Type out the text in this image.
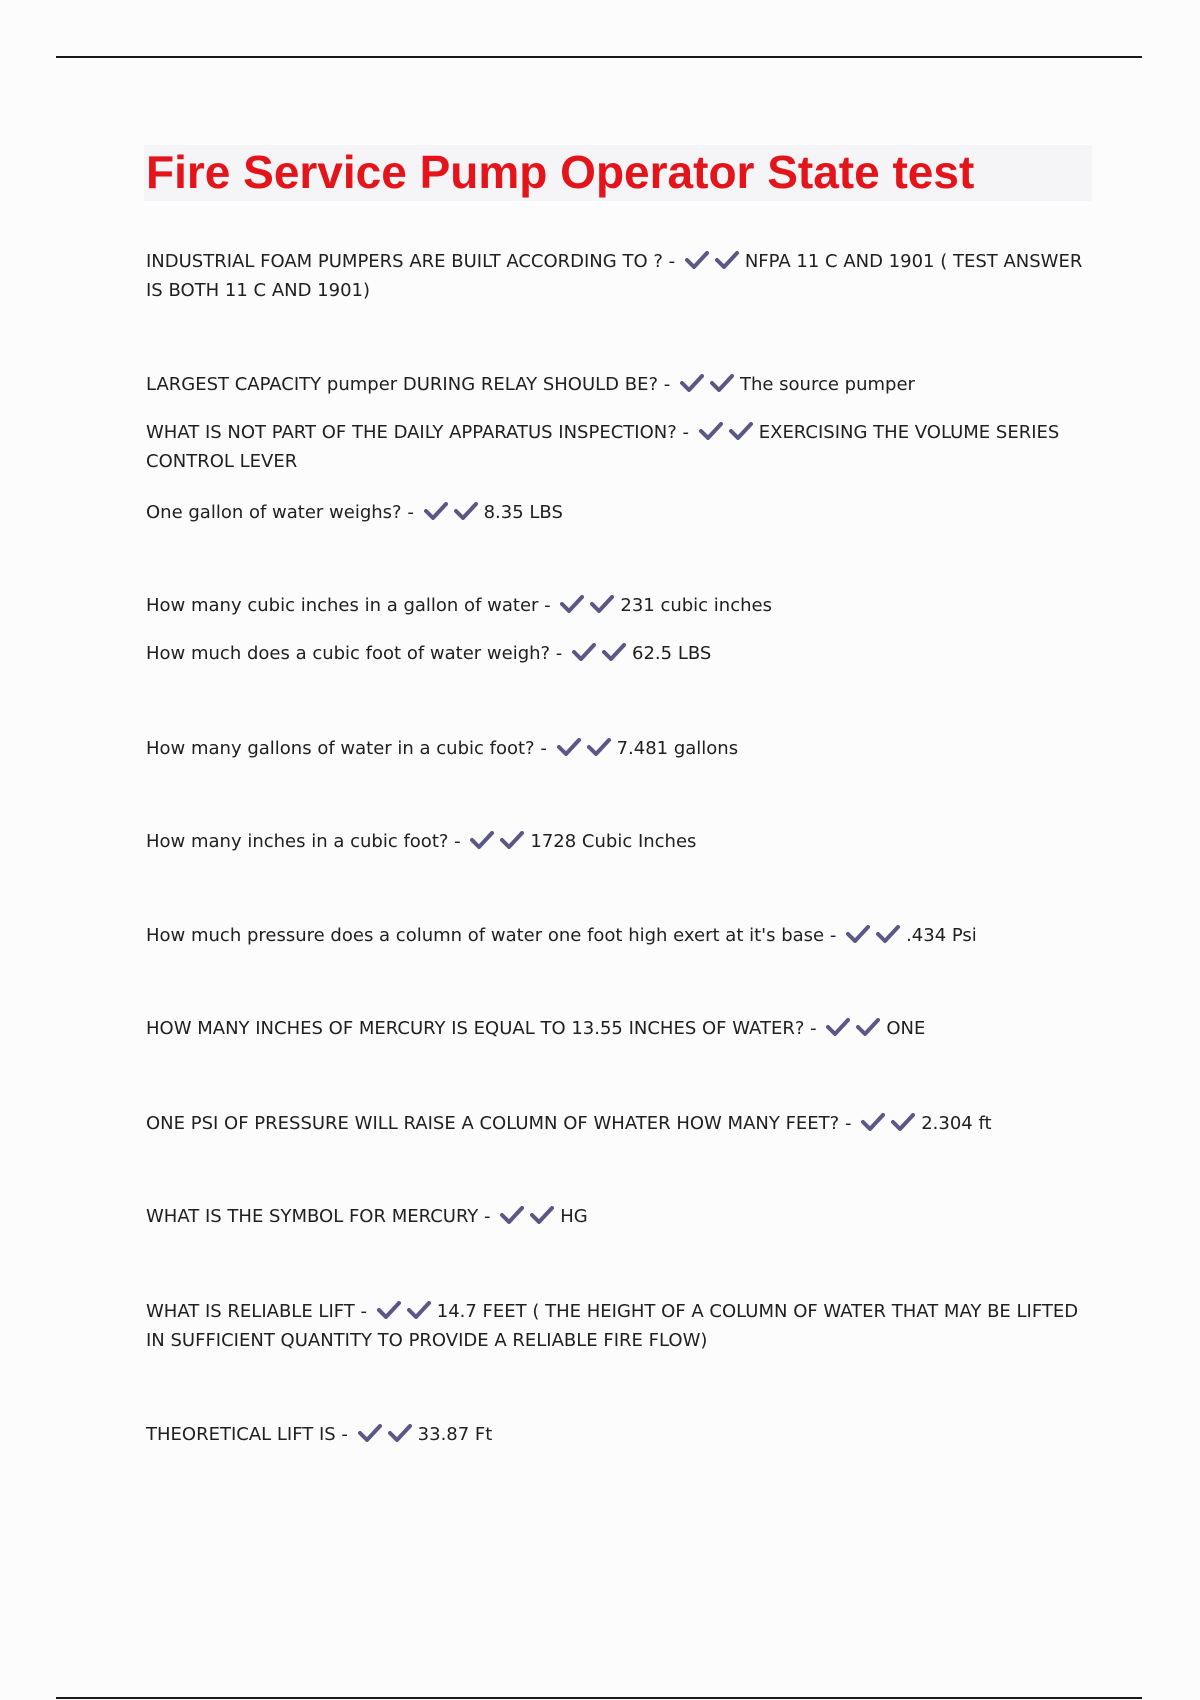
Fire Service Pump Operator State test
INDUSTRIAL FOAM PUMPERS ARE BUILT ACCORDING TO ? -	NFPA 11 C AND 1901 ( TEST ANSWER IS BOTH 11 C AND 1901)
LARGEST CAPACITY pumper DURING RELAY SHOULD BE? -	The source pumper
WHAT IS NOT PART OF THE DAILY APPARATUS INSPECTION? -	EXERCISING THE VOLUME SERIES CONTROL LEVER
One gallon of water weighs? -	8.35 LBS
How many cubic inches in a gallon of water -	231 cubic inches
How much does a cubic foot of water weigh? -	62.5 LBS
How many gallons of water in a cubic foot? -	7.481 gallons
How many inches in a cubic foot? -	1728 Cubic Inches
How much pressure does a column of water one foot high exert at it's base -	.434 Psi
HOW MANY INCHES OF MERCURY IS EQUAL TO 13.55 INCHES OF WATER? -	ONE
ONE PSI OF PRESSURE WILL RAISE A COLUMN OF WHATER HOW MANY FEET? -	2.304 ft
WHAT IS THE SYMBOL FOR MERCURY -	HG
WHAT IS RELIABLE LIFT -	14.7 FEET ( THE HEIGHT OF A COLUMN OF WATER THAT MAY BE LIFTED IN SUFFICIENT QUANTITY TO PROVIDE A RELIABLE FIRE FLOW)
THEORETICAL LIFT IS -	33.87 Ft
